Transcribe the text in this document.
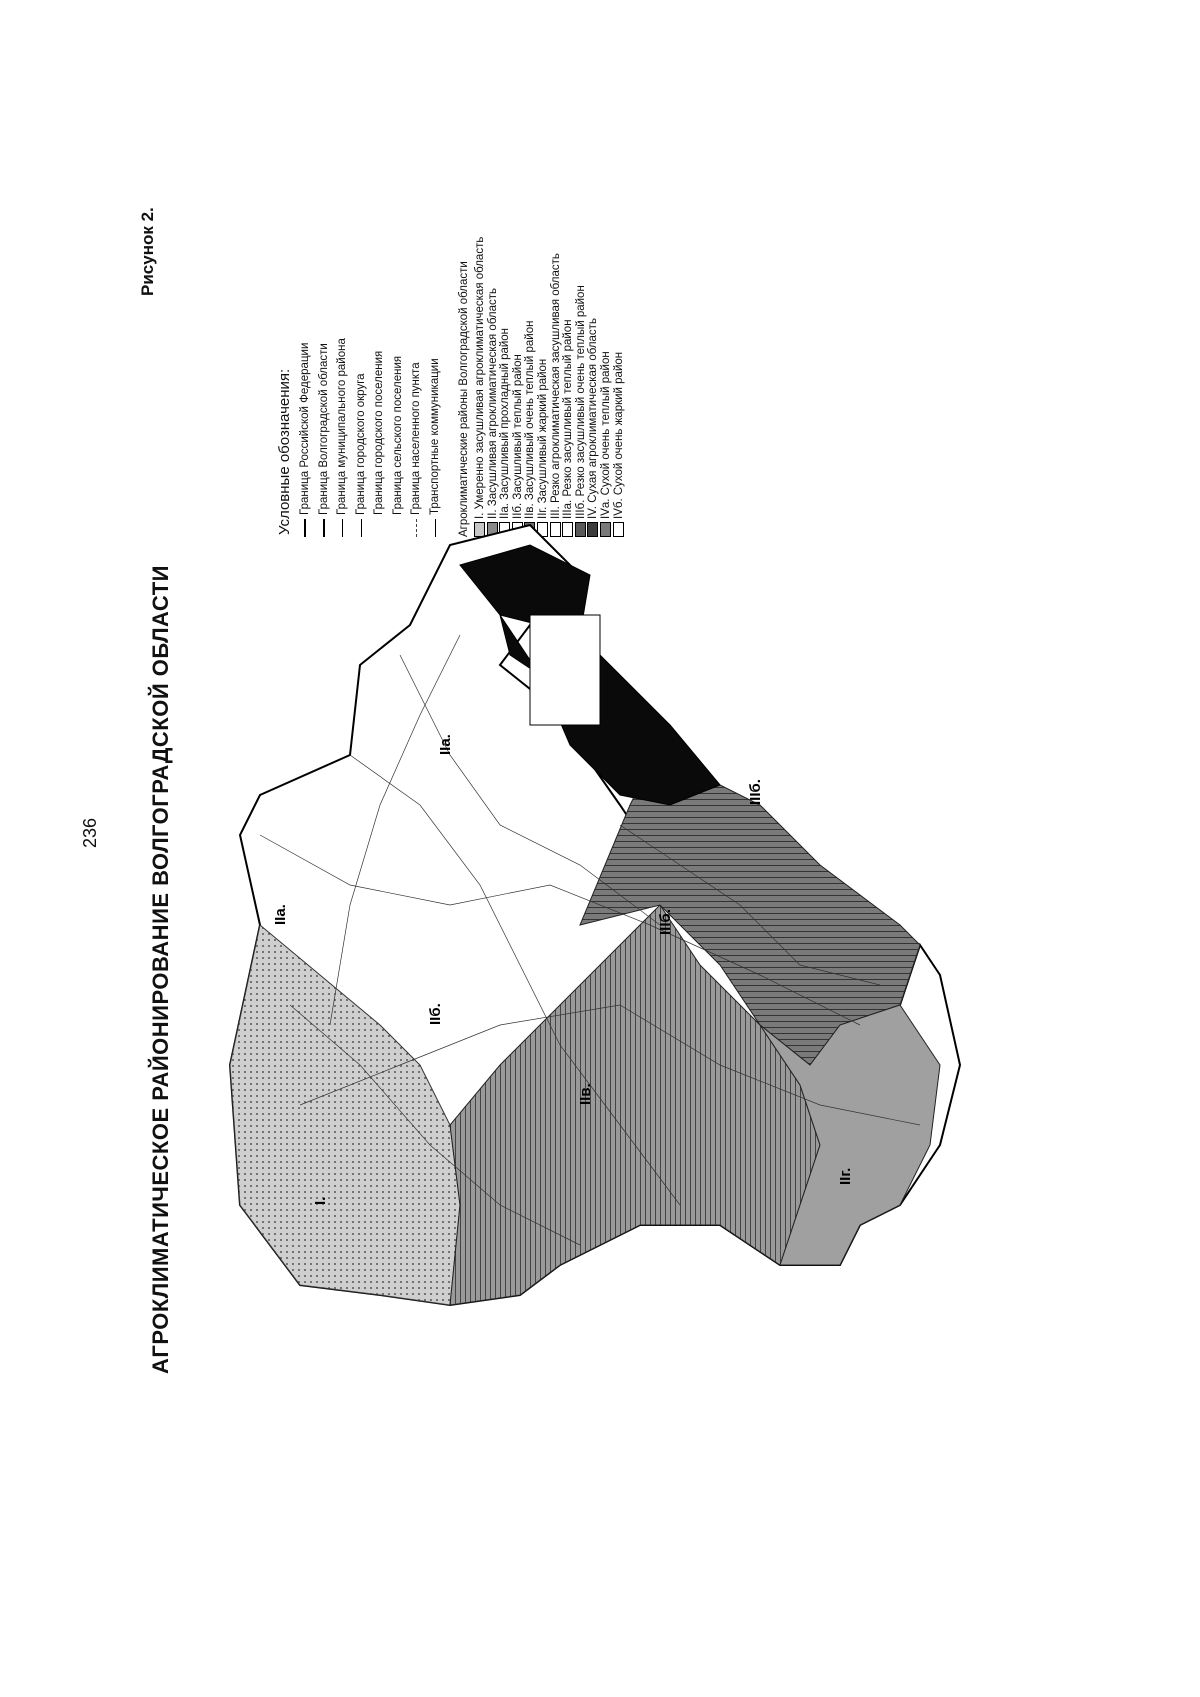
236
Рисунок 2.
АГРОКЛИМАТИЧЕСКОЕ РАЙОНИРОВАНИЕ ВОЛГОГРАДСКОЙ ОБЛАСТИ
Условные обозначения: Граница Российской Федерации Граница Волгоградской области Граница муниципального района Граница городского округа Граница городского поселения Граница сельского поселения Граница населенного пункта Транспортные коммуникации Агроклиматические районы Волгоградской области I. Умеренно засушливая агроклиматическая область II. Засушливая агроклиматическая область IIа. Засушливый прохладный район IIб. Засушливый теплый район IIв. Засушливый очень теплый район IIг. Засушливый жаркий район III. Резко агроклиматическая засушливая область IIIа. Резко засушливый теплый район IIIб. Резко засушливый очень теплый район IV. Сухая агроклиматическая область IVа. Сухой очень теплый район IVб. Сухой очень жаркий район
I.
IIа.
IIа.
IIб.
IIв.
IIг.
IIIб.
IIIб.
IVа.
